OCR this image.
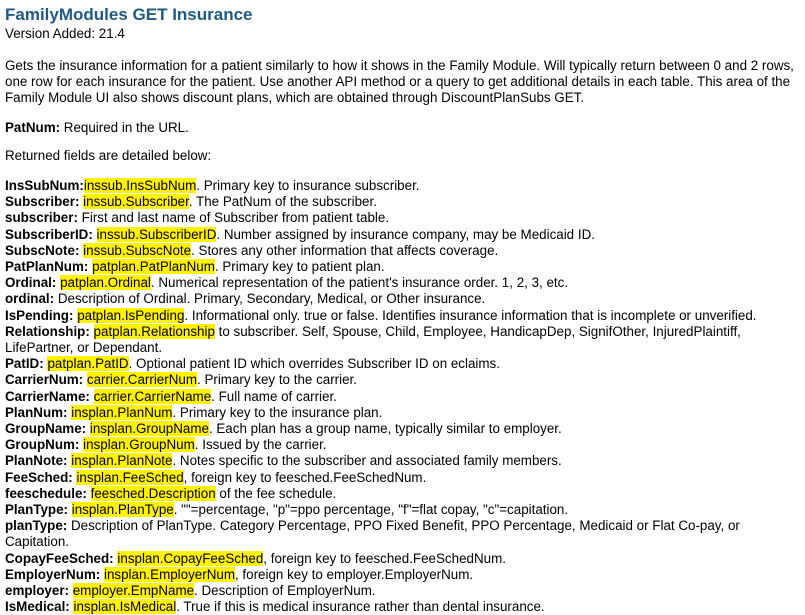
FamilyModules GET Insurance

Version Added: 21.4

Gets the insurance information for a patient similarly to how it shows in the Family Module. Will typically return between 0 and 2 rows, one row for each insurance for the patient. Use another API method or a query to get additional details in each table. This area of the Family Module UI also shows discount plans, which are obtained through DiscountPlanSubs GET.

PatNum: Required in the URL.

Returned fields are detailed below:

InsSubNum:inssub.InsSubNum. Primary key to insurance subscriber.
Subscriber: inssub.Subscriber. The PatNum of the subscriber.
subscriber: First and last name of Subscriber from patient table.
SubscriberID: inssub.SubscriberID. Number assigned by insurance company, may be Medicaid ID.
SubscNote: inssub.SubscNote. Stores any other information that affects coverage.
PatPlanNum: patplan.PatPlanNum. Primary key to patient plan.
Ordinal: patplan.Ordinal. Numerical representation of the patient's insurance order. 1, 2, 3, etc.
ordinal: Description of Ordinal. Primary, Secondary, Medical, or Other insurance.
IsPending: patplan.IsPending. Informational only. true or false. Identifies insurance information that is incomplete or unverified.
Relationship: patplan.Relationship to subscriber. Self, Spouse, Child, Employee, HandicapDep, SignifOther, InjuredPlaintiff, LifePartner, or Dependant.
PatID: patplan.PatID. Optional patient ID which overrides Subscriber ID on eclaims.
CarrierNum: carrier.CarrierNum. Primary key to the carrier.
CarrierName: carrier.CarrierName. Full name of carrier.
PlanNum: insplan.PlanNum. Primary key to the insurance plan.
GroupName: insplan.GroupName. Each plan has a group name, typically similar to employer.
GroupNum: insplan.GroupNum. Issued by the carrier.
PlanNote: insplan.PlanNote. Notes specific to the subscriber and associated family members.
FeeSched: insplan.FeeSched, foreign key to feesched.FeeSchedNum.
feeschedule: feesched.Description of the fee schedule.
PlanType: insplan.PlanType. ""=percentage, "p"=ppo percentage, "f"=flat copay, "c"=capitation.
planType: Description of PlanType. Category Percentage, PPO Fixed Benefit, PPO Percentage, Medicaid or Flat Co-pay, or Capitation.
CopayFeeSched: insplan.CopayFeeSched, foreign key to feesched.FeeSchedNum.
EmployerNum: insplan.EmployerNum, foreign key to employer.EmployerNum.
employer: employer.EmpName. Description of EmployerNum.
IsMedical: insplan.IsMedical. True if this is medical insurance rather than dental insurance.
